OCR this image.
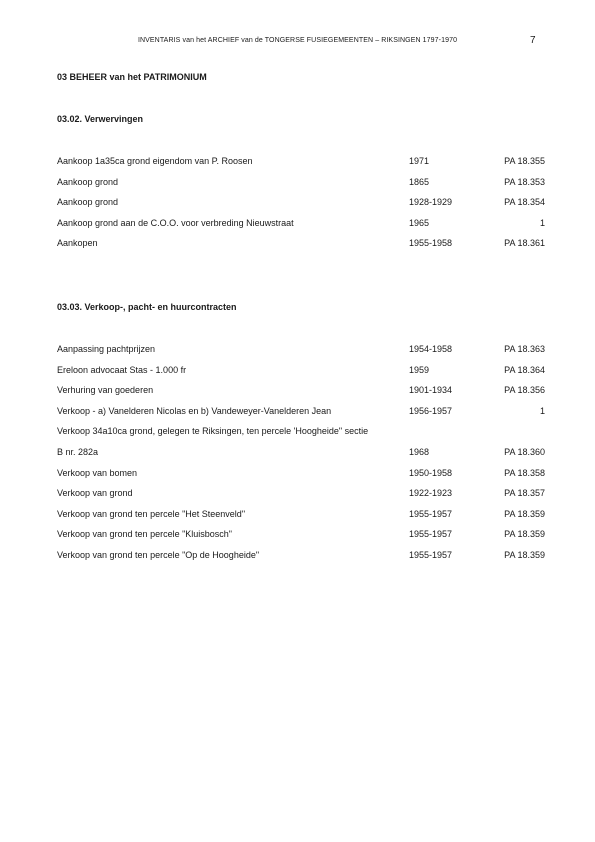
INVENTARIS van het ARCHIEF van de TONGERSE FUSIEGEMEENTEN – RIKSINGEN 1797-1970	7
03 BEHEER van het PATRIMONIUM
03.02. Verwervingen
Aankoop 1a35ca grond eigendom van P. Roosen	1971	PA 18.355
Aankoop grond	1865	PA 18.353
Aankoop grond	1928-1929	PA 18.354
Aankoop grond aan de C.O.O. voor verbreding Nieuwstraat	1965	1
Aankopen	1955-1958	PA 18.361
03.03. Verkoop-, pacht- en huurcontracten
Aanpassing pachtprijzen	1954-1958	PA 18.363
Ereloon advocaat Stas - 1.000 fr	1959	PA 18.364
Verhuring van goederen	1901-1934	PA 18.356
Verkoop - a) Vanelderen Nicolas en b) Vandeweyer-Vanelderen Jean	1956-1957	1
Verkoop 34a10ca grond, gelegen te Riksingen, ten percele 'Hoogheide" sectie
B nr. 282a	1968	PA 18.360
Verkoop van bomen	1950-1958	PA 18.358
Verkoop van grond	1922-1923	PA 18.357
Verkoop van grond ten percele "Het Steenveld"	1955-1957	PA 18.359
Verkoop van grond ten percele "Kluisbosch"	1955-1957	PA 18.359
Verkoop van grond ten percele "Op de Hoogheide"	1955-1957	PA 18.359
